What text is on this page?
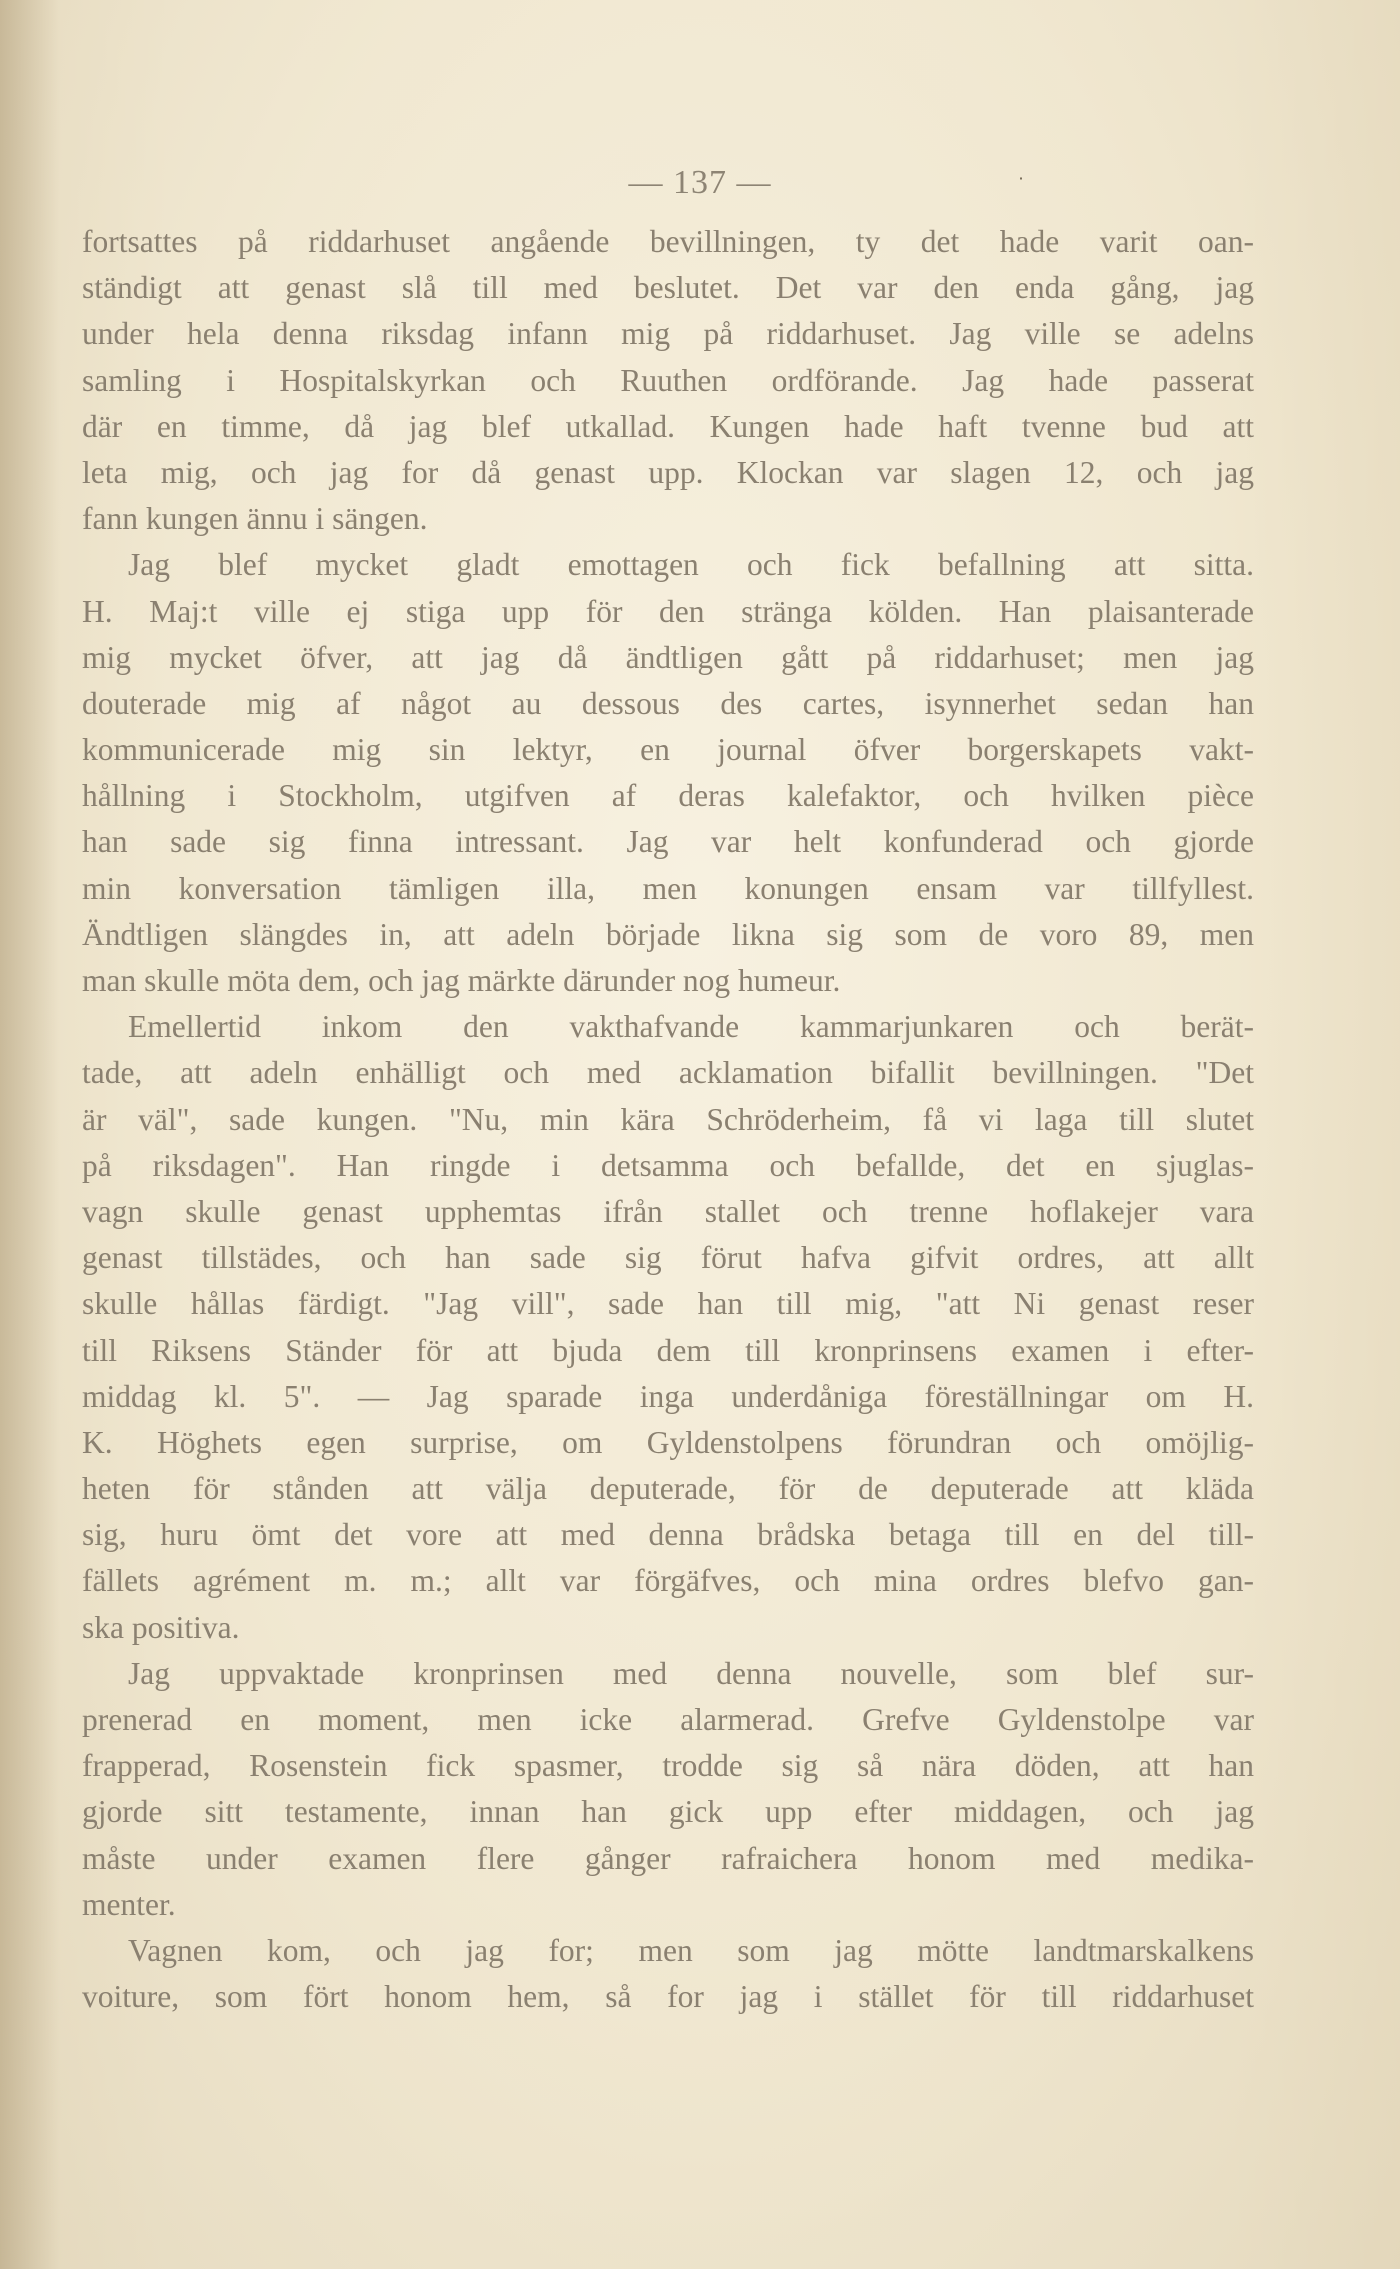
— 137 —	˙
fortsattes på riddarhuset angående bevillningen, ty det hade varit oan-
ständigt att genast slå till med beslutet. Det var den enda gång, jag
under hela denna riksdag infann mig på riddarhuset. Jag ville se adelns
samling i Hospitalskyrkan och Ruuthen ordförande. Jag hade passerat
där en timme, då jag blef utkallad. Kungen hade haft tvenne bud att
leta mig, och jag for då genast upp. Klockan var slagen 12, och jag
fann kungen ännu i sängen.
Jag blef mycket gladt emottagen och fick befallning att sitta.
H. Maj:t ville ej stiga upp för den stränga kölden. Han plaisanterade
mig mycket öfver, att jag då ändtligen gått på riddarhuset; men jag
douterade mig af något au dessous des cartes, isynnerhet sedan han
kommunicerade mig sin lektyr, en journal öfver borgerskapets vakt-
hållning i Stockholm, utgifven af deras kalefaktor, och hvilken pièce
han sade sig finna intressant. Jag var helt konfunderad och gjorde
min konversation tämligen illa, men konungen ensam var tillfyllest.
Ändtligen slängdes in, att adeln började likna sig som de voro 89, men
man skulle möta dem, och jag märkte därunder nog humeur.
Emellertid inkom den vakthafvande kammarjunkaren och berät-
tade, att adeln enhälligt och med acklamation bifallit bevillningen. "Det
är väl", sade kungen. "Nu, min kära Schröderheim, få vi laga till slutet
på riksdagen". Han ringde i detsamma och befallde, det en sjuglas-
vagn skulle genast upphemtas ifrån stallet och trenne hoflakejer vara
genast tillstädes, och han sade sig förut hafva gifvit ordres, att allt
skulle hållas färdigt. "Jag vill", sade han till mig, "att Ni genast reser
till Riksens Ständer för att bjuda dem till kronprinsens examen i efter-
middag kl. 5". — Jag sparade inga underdåniga föreställningar om H.
K. Höghets egen surprise, om Gyldenstolpens förundran och omöjlig-
heten för stånden att välja deputerade, för de deputerade att kläda
sig, huru ömt det vore att med denna brådska betaga till en del till-
fällets agrément m. m.; allt var förgäfves, och mina ordres blefvo gan-
ska positiva.
Jag uppvaktade kronprinsen med denna nouvelle, som blef sur-
prenerad en moment, men icke alarmerad. Grefve Gyldenstolpe var
frapperad, Rosenstein fick spasmer, trodde sig så nära döden, att han
gjorde sitt testamente, innan han gick upp efter middagen, och jag
måste under examen flere gånger rafraichera honom med medika-
menter.
Vagnen kom, och jag for; men som jag mötte landtmarskalkens
voiture, som fört honom hem, så for jag i stället för till riddarhuset
